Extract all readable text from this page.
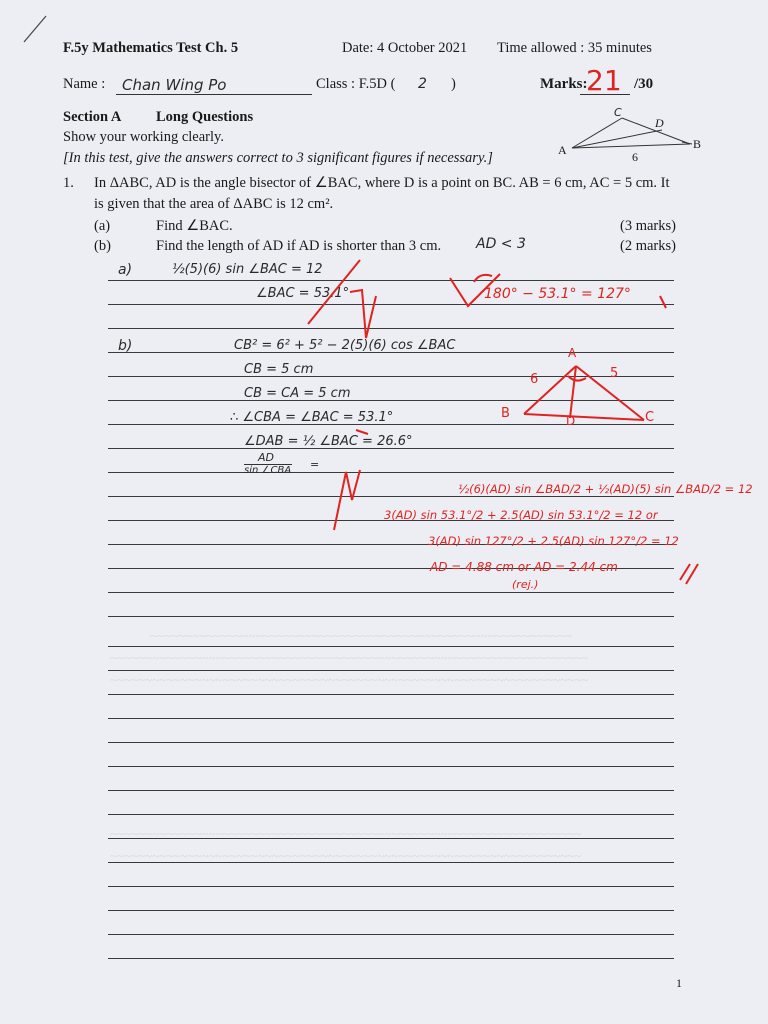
~~~~~~~~~~~~~~~~~~~~~~~~~~~~~~~~~~~~~~~~~~~~~~~~~~~~~~~~~~~~
~~~~~~~~~~~~~~~~~~~~~~~~~~~~~~~~~~~~~~~~~~~~~~~~~~~~~~~~~~~~~~~~~~~~
~~~~~~~~~~~~~~~~~~~~~~~~~~~~~~~~~~~~~~~~~~~~~~~~~~~~~~~~~~~~~~~~~~~~
~~~~~~~~~~~~~~~~~~~~~~~~~~~~~~~~~~~~~~~~~~~~~~~~~~~~~~~~~~~~~~~~~~~
~~~~~~~~~~~~~~~~~~~~~~~~~~~~~~~~~~~~~~~~~~~~~~~~~~~~~~~~~~~~~~~~~~~
F.5y Mathematics Test Ch. 5	Date: 4 October 2021 Time allowed : 35 minutes
Name : Chan Wing Po	Class : F.5D ( 2 )	Marks:
21 /30
Section A Long Questions
Show your working clearly.
[In this test, give the answers correct to 3 significant figures if necessary.]	A	B
D
C
6
1. In ΔABC, AD is the angle bisector of ∠BAC, where D is a point on BC. AB = 6 cm, AC = 5 cm. It
is given that the area of ΔABC is 12 cm².
(a)	Find ∠BAC.	(3 marks)
(b)	Find the length of AD if AD is shorter than 3 cm. AD < 3	(2 marks)
a)	½(5)(6) sin ∠BAC = 12
∠BAC = 53.1°	180° − 53.1° = 127°
b)	CB² = 6² + 5² − 2(5)(6) cos ∠BAC
CB = 5 cm
CB = CA = 5 cm
∴ ∠CBA = ∠BAC = 53.1°
∠DAB = ½ ∠BAC = 26.6°
AD
sin ∠CBA =
A
B	C
D
6	5
½(6)(AD) sin ∠BAD/2 + ½(AD)(5) sin ∠BAD/2 = 12
3(AD) sin 53.1°/2 + 2.5(AD) sin 53.1°/2 = 12 or
3(AD) sin 127°/2 + 2.5(AD) sin 127°/2 = 12
AD = 4.88 cm or AD = 2.44 cm
(rej.)
1
